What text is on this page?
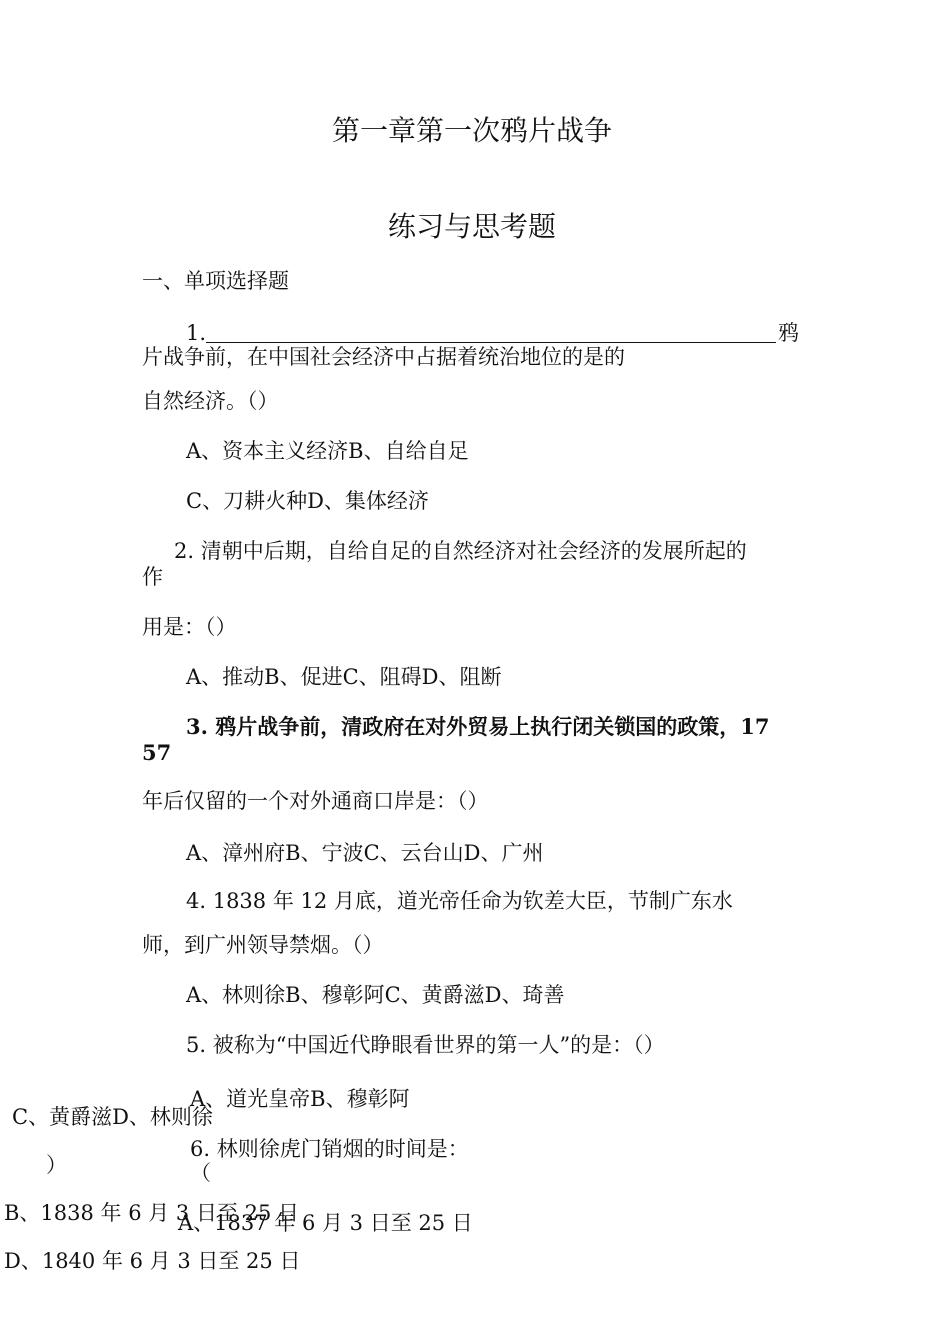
第一章第一次鸦片战争
练习与思考题
一、单项选择题
1.	鸦
片战争前，在中国社会经济中占据着统治地位的是的
自然经济。（）
A、资本主义经济B、自给自足
C、刀耕火种D、集体经济
2. 清朝中后期，自给自足的自然经济对社会经济的发展所起的
作
用是：（）
A、推动B、促进C、阻碍D、阻断
3. 鸦片战争前，清政府在对外贸易上执行闭关锁国的政策，17
57
年后仅留的一个对外通商口岸是：（）
A、漳州府B、宁波C、云台山D、广州
4. 1838 年 12 月底，道光帝任命为钦差大臣，节制广东水
师，到广州领导禁烟。（）
A、林则徐B、穆彰阿C、黄爵滋D、琦善
5. 被称为“中国近代睁眼看世界的第一人”的是：（）
A、道光皇帝B、穆彰阿
C、黄爵滋D、林则徐
）
6. 林则徐虎门销烟的时间是：
（
A、1837 年 6 月 3 日至 25 日
B、1838 年 6 月 3 日至 25 日
D、1840 年 6 月 3 日至 25 日
